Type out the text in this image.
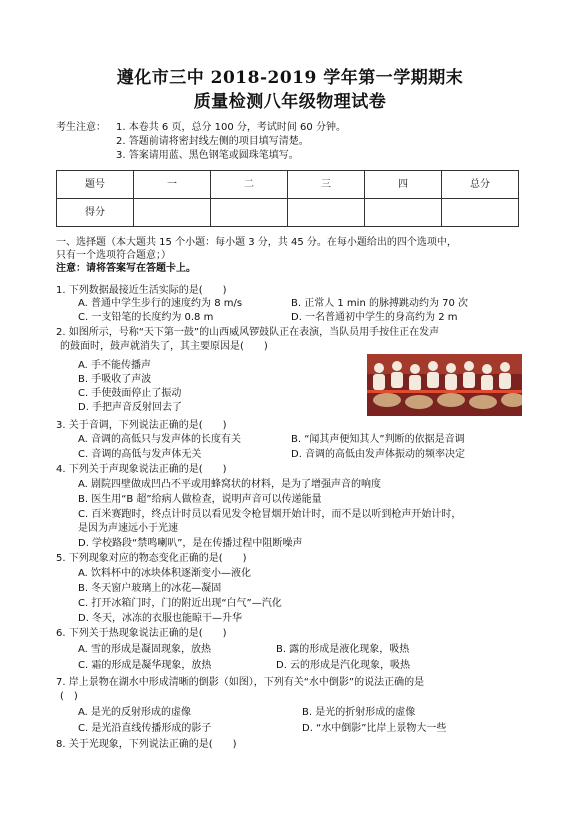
遵化市三中 2018-2019 学年第一学期期末
质量检测八年级物理试卷
考生注意： 1. 本卷共 6 页，总分 100 分，考试时间 60 分钟。
2. 答题前请将密封线左侧的项目填写清楚。
3. 答案请用蓝、黑色钢笔或圆珠笔填写。
题号	一	二	三	四	总分
得分					
一、选择题（本大题共 15 个小题：每小题 3 分，共 45 分。在每小题给出的四个选项中，
只有一个选项符合题意；）
注意：请将答案写在答题卡上。
1. 下列数据最接近生活实际的是(　　)
A. 普通中学生步行的速度约为 8 m/s	B. 正常人 1 min 的脉搏跳动约为 70 次
C. 一支铅笔的长度约为 0.8 m	D. 一名普通初中学生的身高约为 2 m
2. 如图所示，号称“天下第一鼓”的山西威风锣鼓队正在表演，当队员用手按住正在发声
的鼓面时，鼓声就消失了，其主要原因是(　　)
A. 手不能传播声
B. 手吸收了声波
C. 手使鼓面停止了振动
D. 手把声音反射回去了
3. 关于音调，下列说法正确的是(　　)
A. 音调的高低只与发声体的长度有关	B. “闻其声便知其人”判断的依据是音调
C. 音调的高低与发声体无关	D. 音调的高低由发声体振动的频率决定
4. 下列关于声现象说法正确的是(　　)
A. 剧院四壁做成凹凸不平或用蜂窝状的材料，是为了增强声音的响度
B. 医生用“B 超”给病人做检查，说明声音可以传递能量
C. 百米赛跑时，终点计时员以看见发令枪冒烟开始计时，而不是以听到枪声开始计时，
是因为声速远小于光速
D. 学校路段“禁鸣喇叭”，是在传播过程中阻断噪声
5. 下列现象对应的物态变化正确的是(　　)
A. 饮料杯中的冰块体积逐渐变小—液化
B. 冬天窗户玻璃上的冰花—凝固
C. 打开冰箱门时，门的附近出现“白气”—汽化
D. 冬天，冰冻的衣服也能晾干—升华
6. 下列关于热现象说法正确的是(　　)
A. 雪的形成是凝固现象，放热	B. 露的形成是液化现象，吸热
C. 霜的形成是凝华现象，放热	D. 云的形成是汽化现象，吸热
7. 岸上景物在湖水中形成清晰的倒影（如图），下列有关“水中倒影”的说法正确的是
(　)
A. 是光的反射形成的虚像	B. 是光的折射形成的虚像
C. 是光沿直线传播形成的影子	D. “水中倒影”比岸上景物大一些
8. 关于光现象，下列说法正确的是(　　)
